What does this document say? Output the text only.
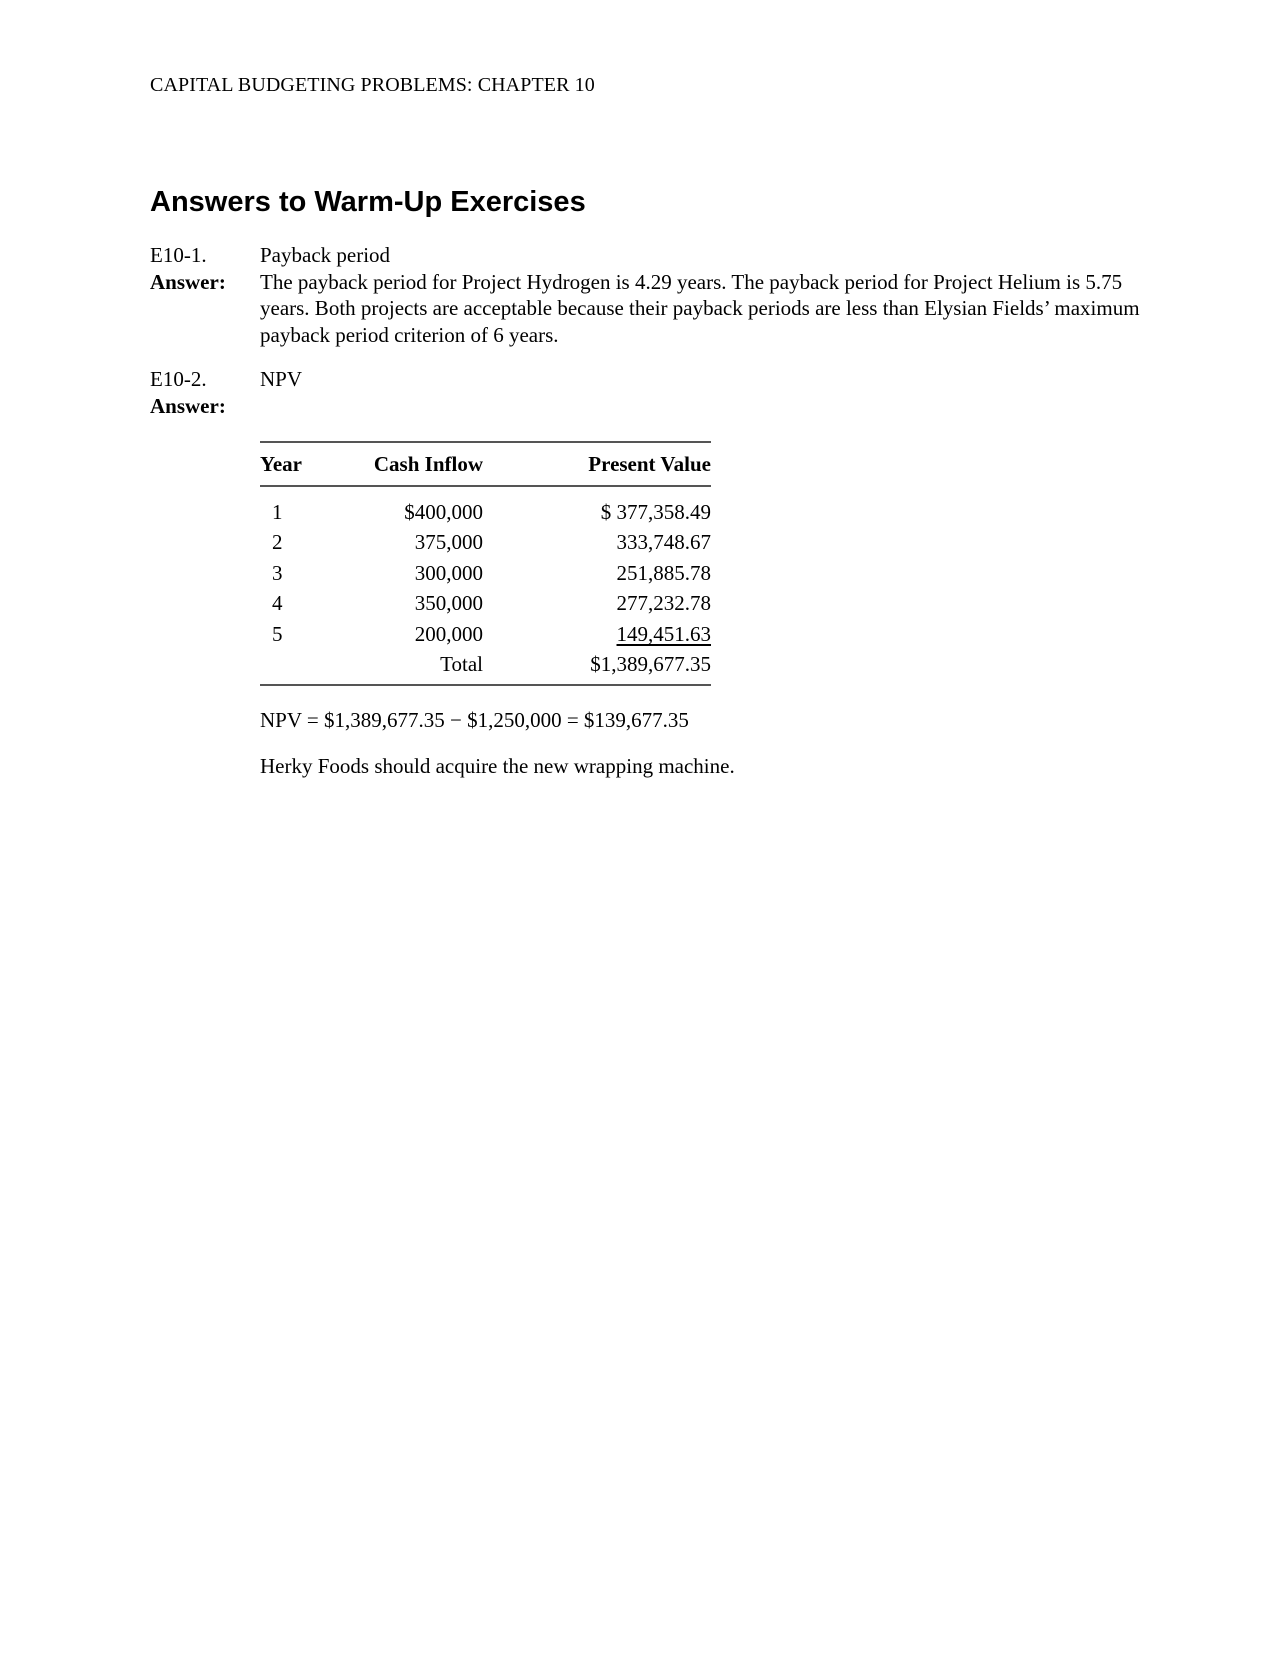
CAPITAL BUDGETING PROBLEMS: CHAPTER 10
Answers to Warm-Up Exercises
E10-1.	Payback period
Answer:	The payback period for Project Hydrogen is 4.29 years. The payback period for Project Helium is 5.75 years. Both projects are acceptable because their payback periods are less than Elysian Fields’ maximum payback period criterion of 6 years.
E10-2.	NPV
Answer:
Year	Cash Inflow	Present Value
1	$400,000	$ 377,358.49
2	375,000	333,748.67
3	300,000	251,885.78
4	350,000	277,232.78
5	200,000	149,451.63
	Total	$1,389,677.35
NPV = $1,389,677.35 − $1,250,000 = $139,677.35
Herky Foods should acquire the new wrapping machine.
